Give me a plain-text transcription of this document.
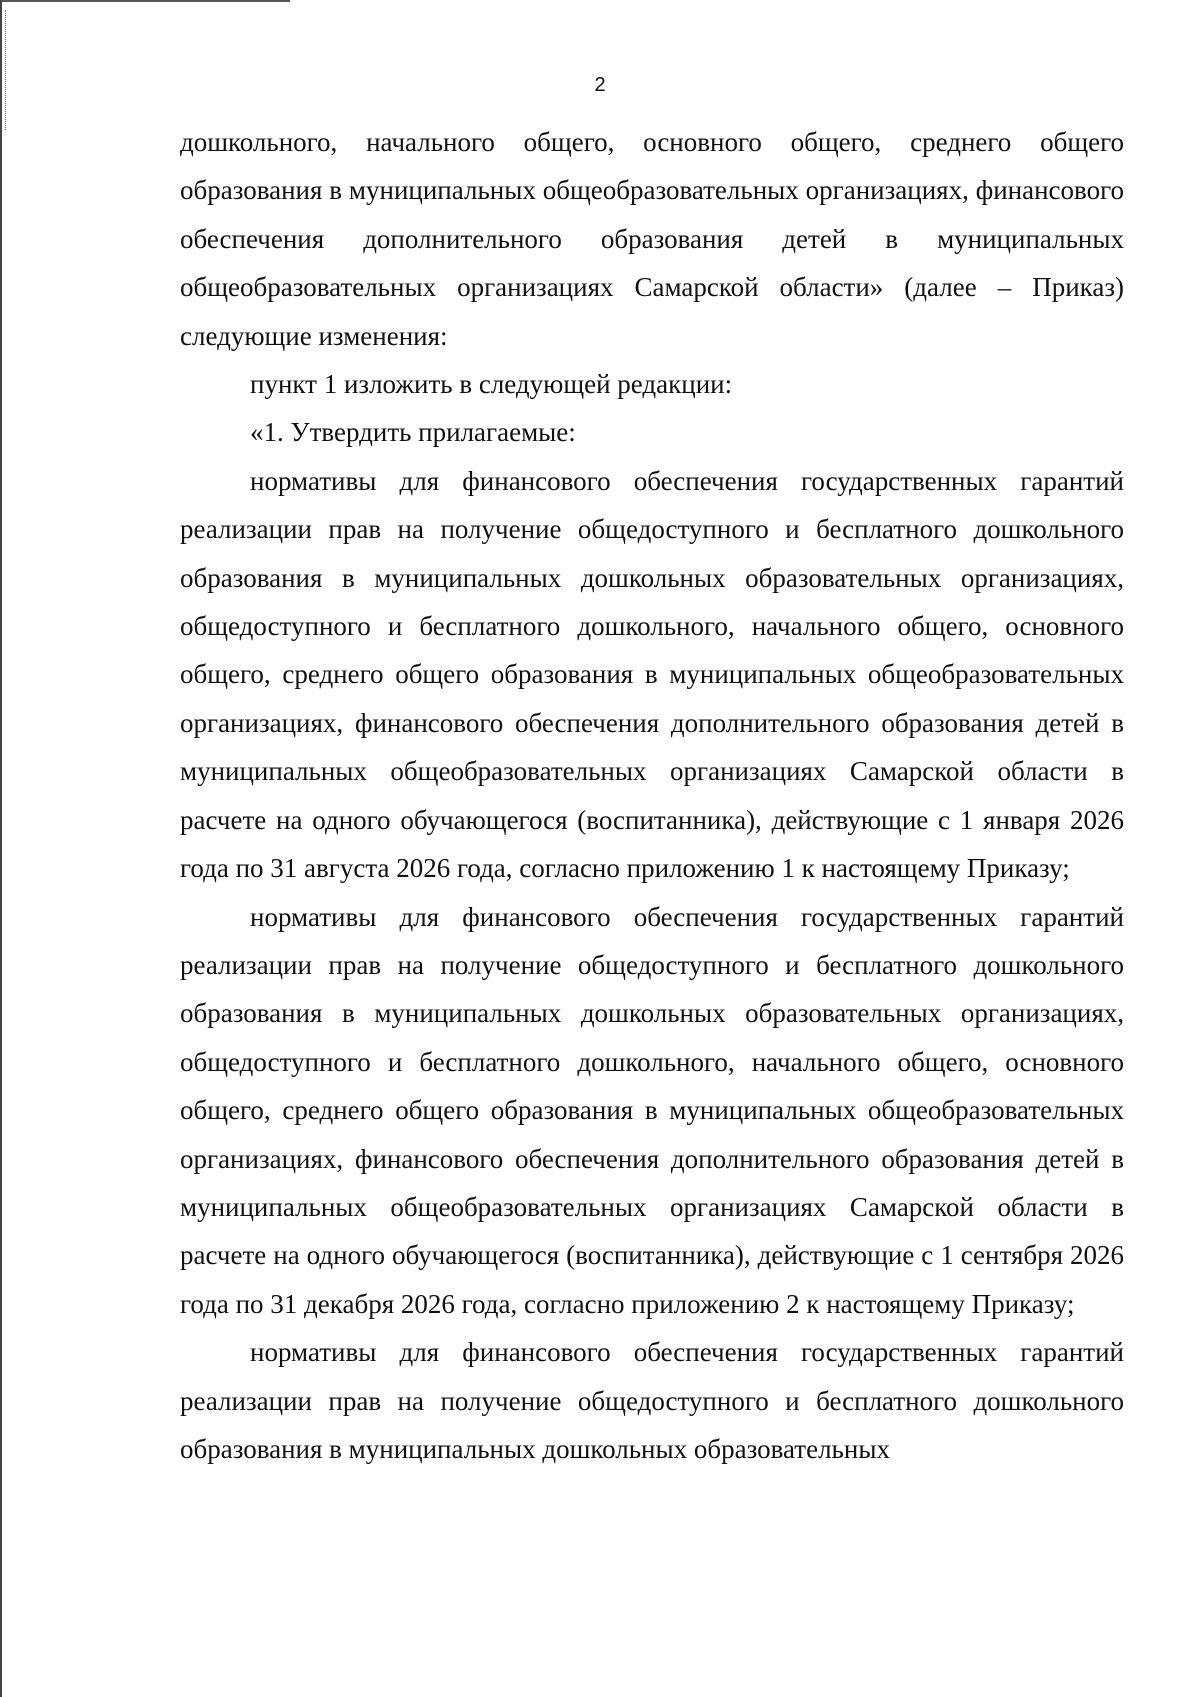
2

дошкольного, начального общего, основного общего, среднего общего образования в муниципальных общеобразовательных организациях, финансового обеспечения дополнительного образования детей в муниципальных общеобразовательных организациях Самарской области» (далее – Приказ) следующие изменения:

пункт 1 изложить в следующей редакции:

«1. Утвердить прилагаемые:

нормативы для финансового обеспечения государственных гарантий реализации прав на получение общедоступного и бесплатного дошкольного образования в муниципальных дошкольных образовательных организациях, общедоступного и бесплатного дошкольного, начального общего, основного общего, среднего общего образования в муниципальных общеобразовательных организациях, финансового обеспечения дополнительного образования детей в муниципальных общеобразовательных организациях Самарской области в расчете на одного обучающегося (воспитанника), действующие с 1 января 2026 года по 31 августа 2026 года, согласно приложению 1 к настоящему Приказу;

нормативы для финансового обеспечения государственных гарантий реализации прав на получение общедоступного и бесплатного дошкольного образования в муниципальных дошкольных образовательных организациях, общедоступного и бесплатного дошкольного, начального общего, основного общего, среднего общего образования в муниципальных общеобразовательных организациях, финансового обеспечения дополнительного образования детей в муниципальных общеобразовательных организациях Самарской области в расчете на одного обучающегося (воспитанника), действующие с 1 сентября 2026 года по 31 декабря 2026 года, согласно приложению 2 к настоящему Приказу;

нормативы для финансового обеспечения государственных гарантий реализации прав на получение общедоступного и бесплатного дошкольного образования в муниципальных дошкольных образовательных
